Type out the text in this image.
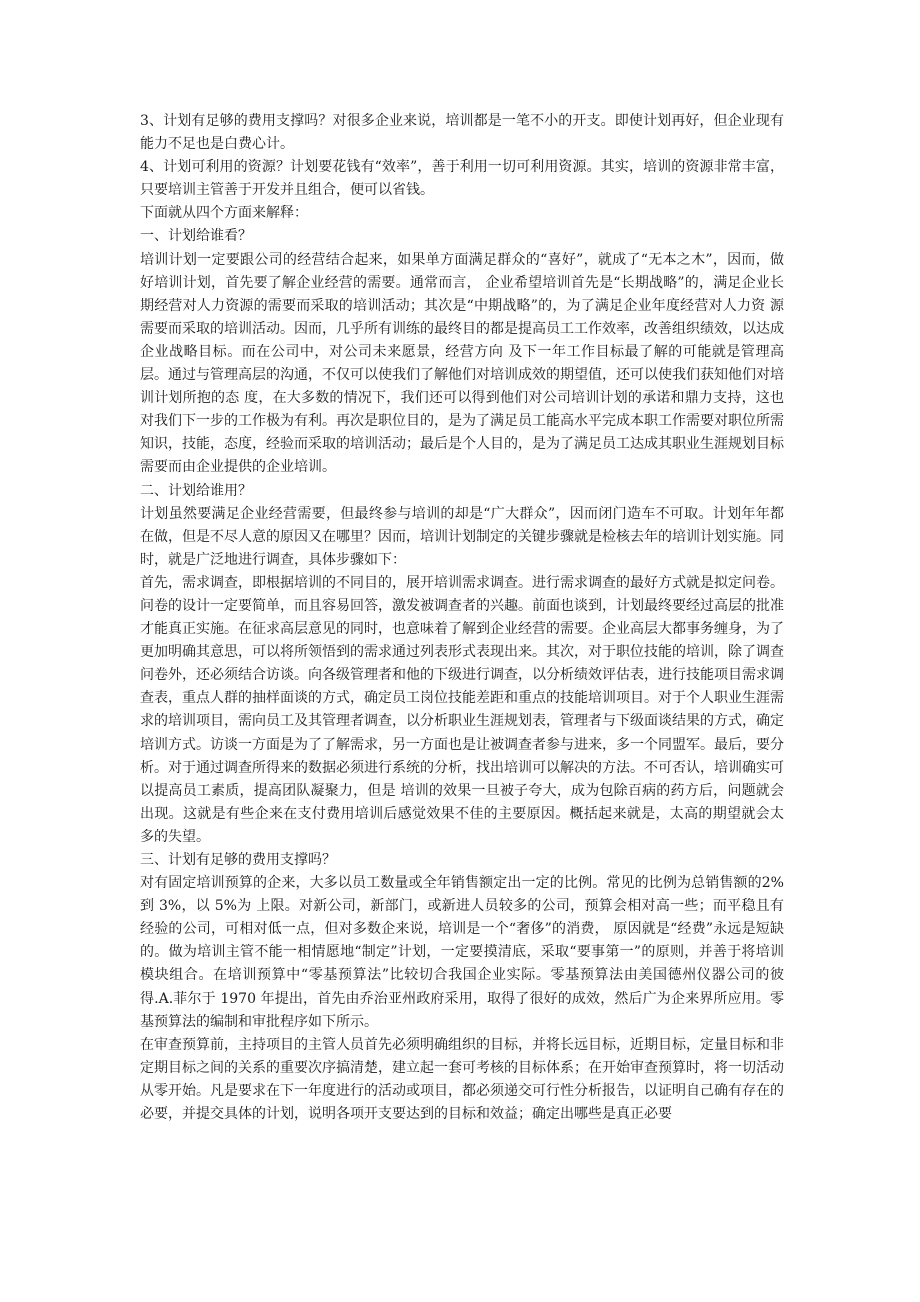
3、计划有足够的费用支撑吗？对很多企业来说，培训都是一笔不小的开支。即使计划再好，但企业现有能力不足也是白费心计。

4、计划可利用的资源？计划要花钱有“效率”，善于利用一切可利用资源。其实，培训的资源非常丰富，只要培训主管善于开发并且组合，便可以省钱。

下面就从四个方面来解释：

一、计划给谁看？

培训计划一定要跟公司的经营结合起来，如果单方面满足群众的“喜好”，就成了“无本之木”，因而，做好培训计划，首先要了解企业经营的需要。通常而言， 企业希望培训首先是“长期战略”的，满足企业长期经营对人力资源的需要而采取的培训活动；其次是“中期战略”的，为了满足企业年度经营对人力资 源需要而采取的培训活动。因而，几乎所有训练的最终目的都是提高员工工作效率，改善组织绩效，以达成企业战略目标。而在公司中，对公司未来愿景，经营方向 及下一年工作目标最了解的可能就是管理高层。通过与管理高层的沟通，不仅可以使我们了解他们对培训成效的期望值，还可以使我们获知他们对培训计划所抱的态 度，在大多数的情况下，我们还可以得到他们对公司培训计划的承诺和鼎力支持，这也对我们下一步的工作极为有利。再次是职位目的，是为了满足员工能高水平完成本职工作需要对职位所需知识，技能，态度，经验而采取的培训活动；最后是个人目的，是为了满足员工达成其职业生涯规划目标需要而由企业提供的企业培训。

二、计划给谁用？

计划虽然要满足企业经营需要，但最终参与培训的却是“广大群众”，因而闭门造车不可取。计划年年都在做，但是不尽人意的原因又在哪里？因而，培训计划制定的关键步骤就是检核去年的培训计划实施。同时，就是广泛地进行调查，具体步骤如下：

首先，需求调查，即根据培训的不同目的，展开培训需求调查。进行需求调查的最好方式就是拟定问卷。问卷的设计一定要简单，而且容易回答，激发被调查者的兴趣。前面也谈到，计划最终要经过高层的批准才能真正实施。在征求高层意见的同时，也意味着了解到企业经营的需要。企业高层大都事务缠身，为了更加明确其意思，可以将所领悟到的需求通过列表形式表现出来。其次，对于职位技能的培训，除了调查问卷外，还必须结合访谈。向各级管理者和他的下级进行调查，以分析绩效评估表，进行技能项目需求调查表，重点人群的抽样面谈的方式，确定员工岗位技能差距和重点的技能培训项目。对于个人职业生涯需求的培训项目，需向员工及其管理者调查，以分析职业生涯规划表，管理者与下级面谈结果的方式，确定培训方式。访谈一方面是为了了解需求，另一方面也是让被调查者参与进来，多一个同盟军。最后，要分析。对于通过调查所得来的数据必须进行系统的分析，找出培训可以解决的方法。不可否认，培训确实可以提高员工素质，提高团队凝聚力，但是 培训的效果一旦被子夸大，成为包除百病的药方后，问题就会出现。这就是有些企来在支付费用培训后感觉效果不佳的主要原因。概括起来就是，太高的期望就会太 多的失望。

三、计划有足够的费用支撑吗？

对有固定培训预算的企来，大多以员工数量或全年销售额定出一定的比例。常见的比例为总销售额的2%到 3%，以 5%为 上限。对新公司，新部门，或新进人员较多的公司，预算会相对高一些；而平稳且有经验的公司，可相对低一点，但对多数企来说，培训是一个“奢侈”的消费， 原因就是“经费”永远是短缺的。做为培训主管不能一相情愿地“制定”计划，一定要摸清底，采取“要事第一”的原则，并善于将培训模块组合。在培训预算中“零基预算法”比较切合我国企业实际。零基预算法由美国德州仪器公司的彼得.A.菲尔于 1970 年提出，首先由乔治亚州政府采用，取得了很好的成效，然后广为企来界所应用。零基预算法的编制和审批程序如下所示。

在审查预算前，主持项目的主管人员首先必须明确组织的目标，并将长远目标，近期目标，定量目标和非定期目标之间的关系的重要次序搞清楚，建立起一套可考核的目标体系；在开始审查预算时，将一切活动从零开始。凡是要求在下一年度进行的活动或项目，都必须递交可行性分析报告，以证明自己确有存在的必要，并提交具体的计划，说明各项开支要达到的目标和效益；确定出哪些是真正必要
